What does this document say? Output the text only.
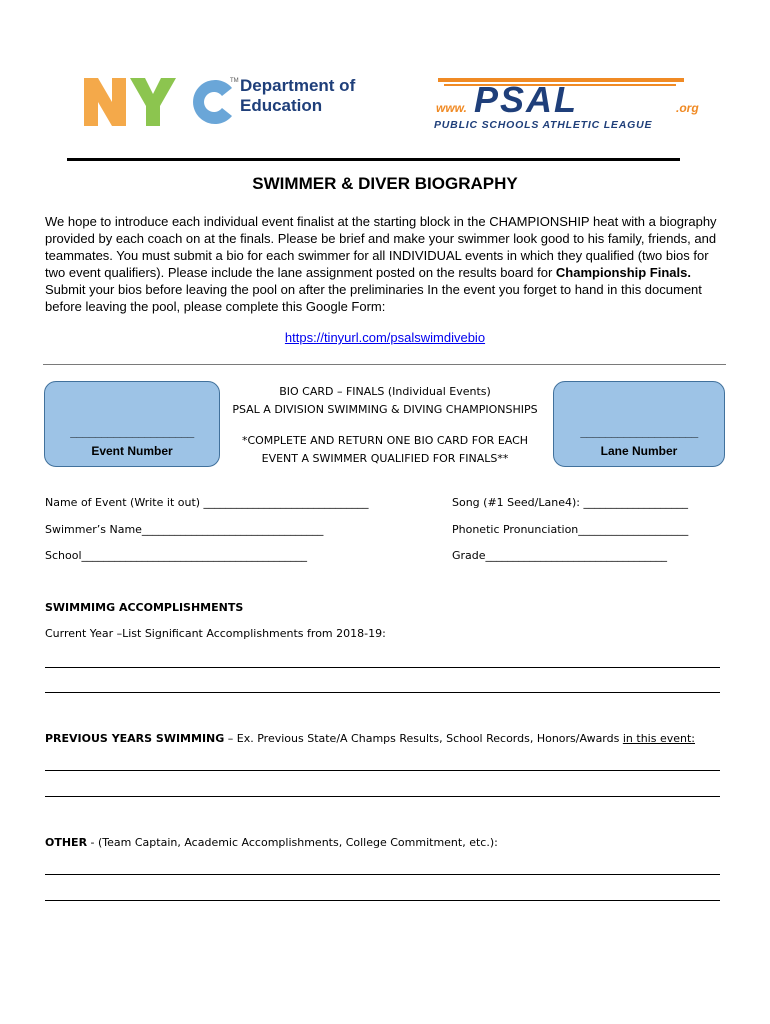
TM Department of
Education	www. PSAL	.org
PUBLIC SCHOOLS ATHLETIC LEAGUE
SWIMMER & DIVER BIOGRAPHY
We hope to introduce each individual event finalist at the starting block in the CHAMPIONSHIP heat with a biography provided by each coach on at the finals. Please be brief and make your swimmer look good to his family, friends, and teammates. You must submit a bio for each swimmer for all INDIVIDUAL events in which they qualified (two bios for two event qualifiers). Please include the lane assignment posted on the results board for Championship Finals. Submit your bios before leaving the pool on after the preliminaries In the event you forget to hand in this document before leaving the pool, please complete this Google Form:
https://tinyurl.com/psalswimdivebio
____________________
Event Number
BIO CARD – FINALS (Individual Events)
PSAL A DIVISION SWIMMING & DIVING CHAMPIONSHIPS
*COMPLETE AND RETURN ONE BIO CARD FOR EACH
EVENT A SWIMMER QUALIFIED FOR FINALS**
___________________
Lane Number
Name of Event (Write it out) ______________________________	Song (#1 Seed/Lane4): ___________________
Swimmer’s Name_________________________________	Phonetic Pronunciation____________________
School_________________________________________	Grade_________________________________
SWIMMIMG ACCOMPLISHMENTS
Current Year –List Significant Accomplishments from 2018-19:
PREVIOUS YEARS SWIMMING – Ex. Previous State/A Champs Results, School Records, Honors/Awards in this event:
OTHER - (Team Captain, Academic Accomplishments, College Commitment, etc.):
